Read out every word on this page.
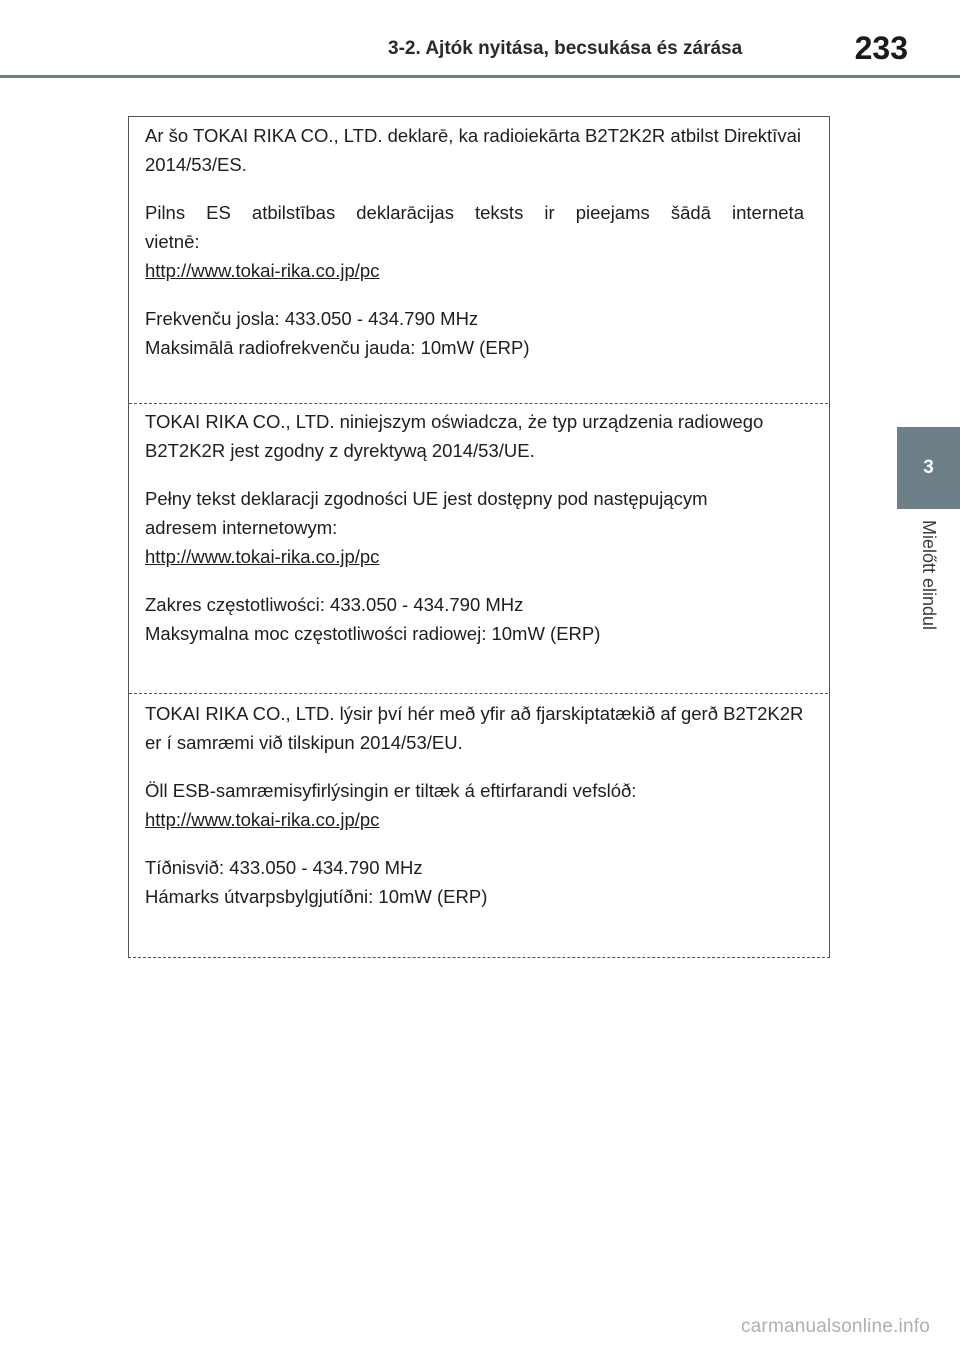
3-2. Ajtók nyitása, becsukása és zárása	233
3
Mielőtt elindul

Ar šo TOKAI RIKA CO., LTD. deklarē, ka radioiekārta B2T2K2R atbilst Direktīvai 2014/53/ES.

Pilns ES atbilstības deklarācijas teksts ir pieejams šādā interneta
vietnē:
http://www.tokai-rika.co.jp/pc

Frekvenču josla: 433.050 - 434.790 MHz
Maksimālā radiofrekvenču jauda: 10mW (ERP)

TOKAI RIKA CO., LTD. niniejszym oświadcza, że typ urządzenia radiowego B2T2K2R jest zgodny z dyrektywą 2014/53/UE.

Pełny tekst deklaracji zgodności UE jest dostępny pod następującym
adresem internetowym:
http://www.tokai-rika.co.jp/pc

Zakres częstotliwości: 433.050 - 434.790 MHz
Maksymalna moc częstotliwości radiowej: 10mW (ERP)

TOKAI RIKA CO., LTD. lýsir því hér með yfir að fjarskiptatækið af gerð B2T2K2R er í samræmi við tilskipun 2014/53/EU.

Öll ESB-samræmisyfirlýsingin er tiltæk á eftirfarandi vefslóð:
http://www.tokai-rika.co.jp/pc

Tíðnisvið: 433.050 - 434.790 MHz
Hámarks útvarpsbylgjutíðni: 10mW (ERP)

carmanualsonline.info
